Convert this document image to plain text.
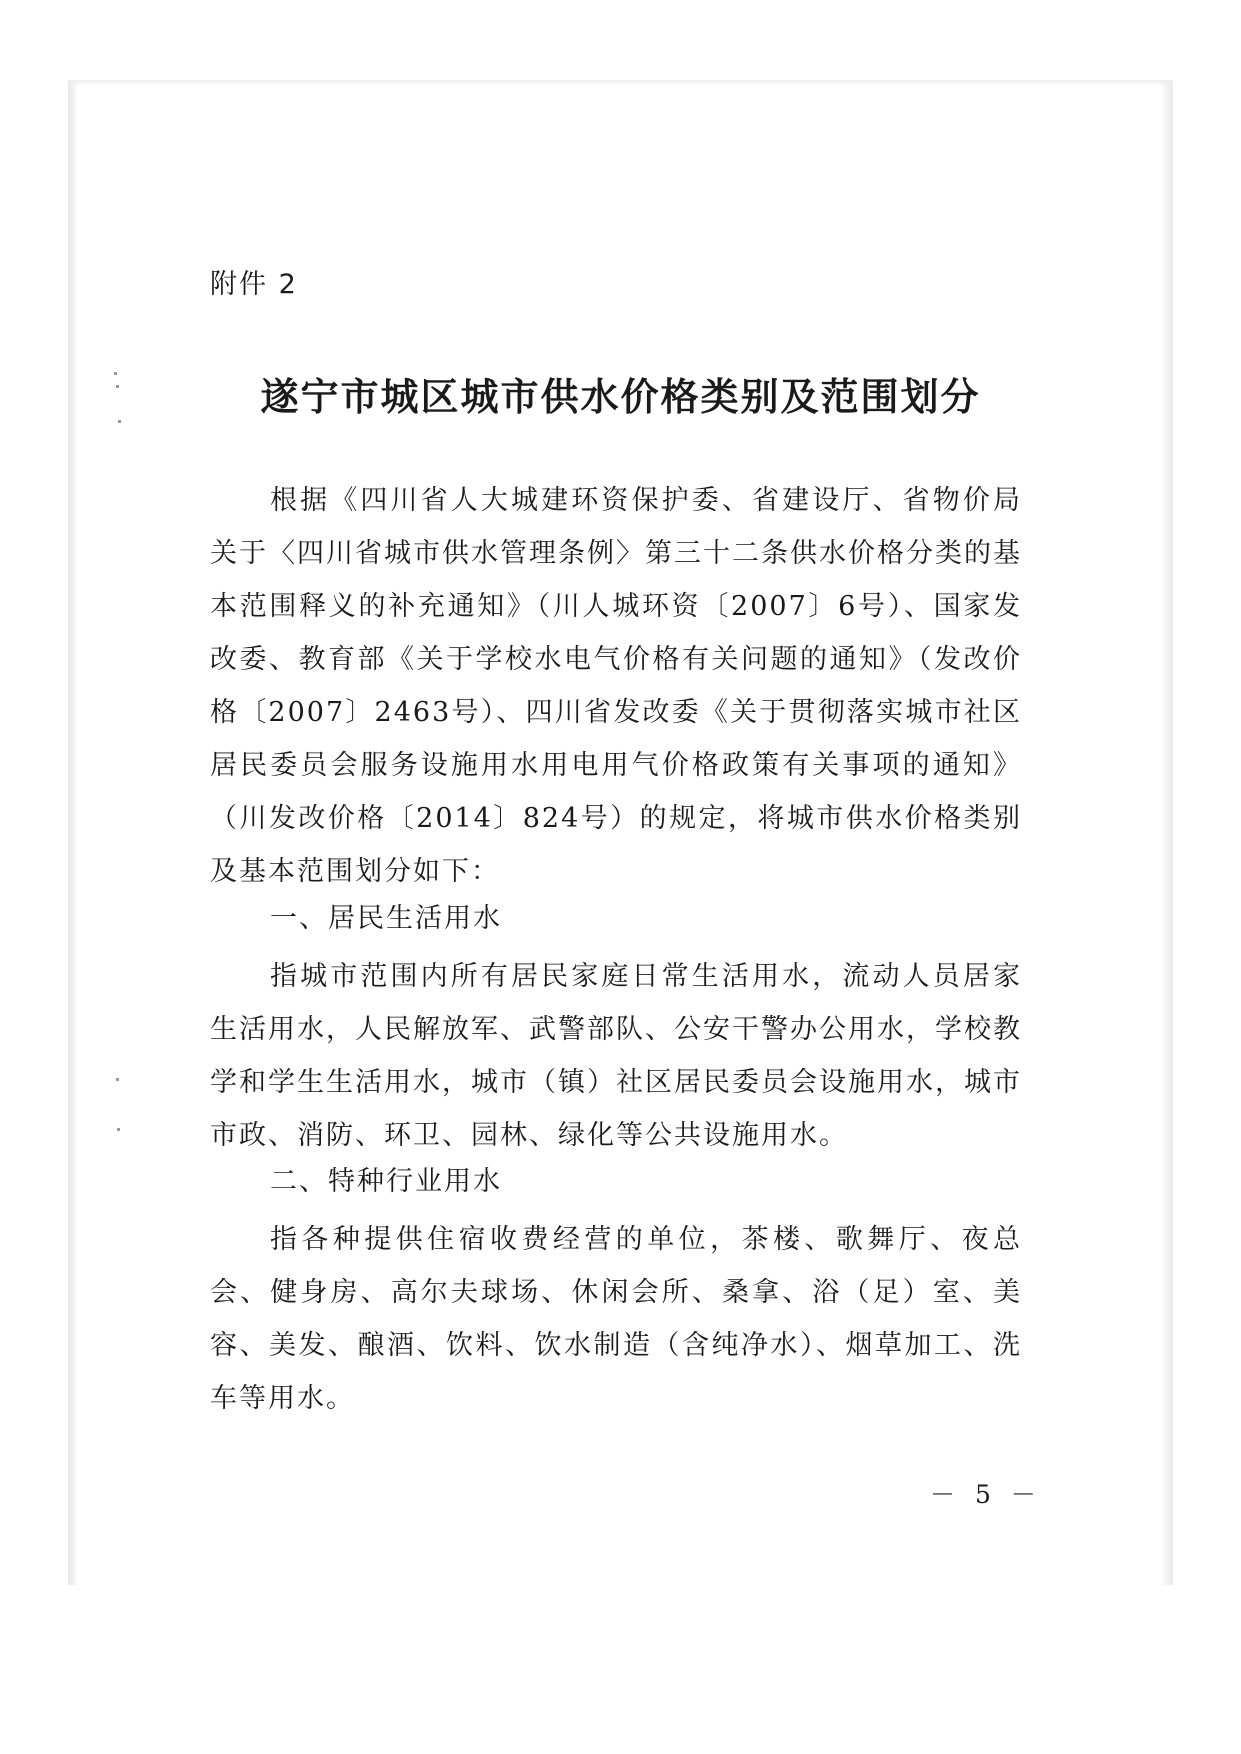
附件 2
遂宁市城区城市供水价格类别及范围划分
根据《四川省人大城建环资保护委、省建设厅、省物价局关于〈四川省城市供水管理条例〉第三十二条供水价格分类的基本范围释义的补充通知》（川人城环资〔2007〕6号）、国家发改委、教育部《关于学校水电气价格有关问题的通知》（发改价格〔2007〕2463号）、四川省发改委《关于贯彻落实城市社区居民委员会服务设施用水用电用气价格政策有关事项的通知》（川发改价格〔2014〕824号）的规定，将城市供水价格类别及基本范围划分如下：
一、居民生活用水
指城市范围内所有居民家庭日常生活用水，流动人员居家生活用水，人民解放军、武警部队、公安干警办公用水，学校教学和学生生活用水，城市（镇）社区居民委员会设施用水，城市市政、消防、环卫、园林、绿化等公共设施用水。
二、特种行业用水
指各种提供住宿收费经营的单位，茶楼、歌舞厅、夜总会、健身房、高尔夫球场、休闲会所、桑拿、浴（足）室、美容、美发、酿酒、饮料、饮水制造（含纯净水）、烟草加工、洗车等用水。
－ 5 －
